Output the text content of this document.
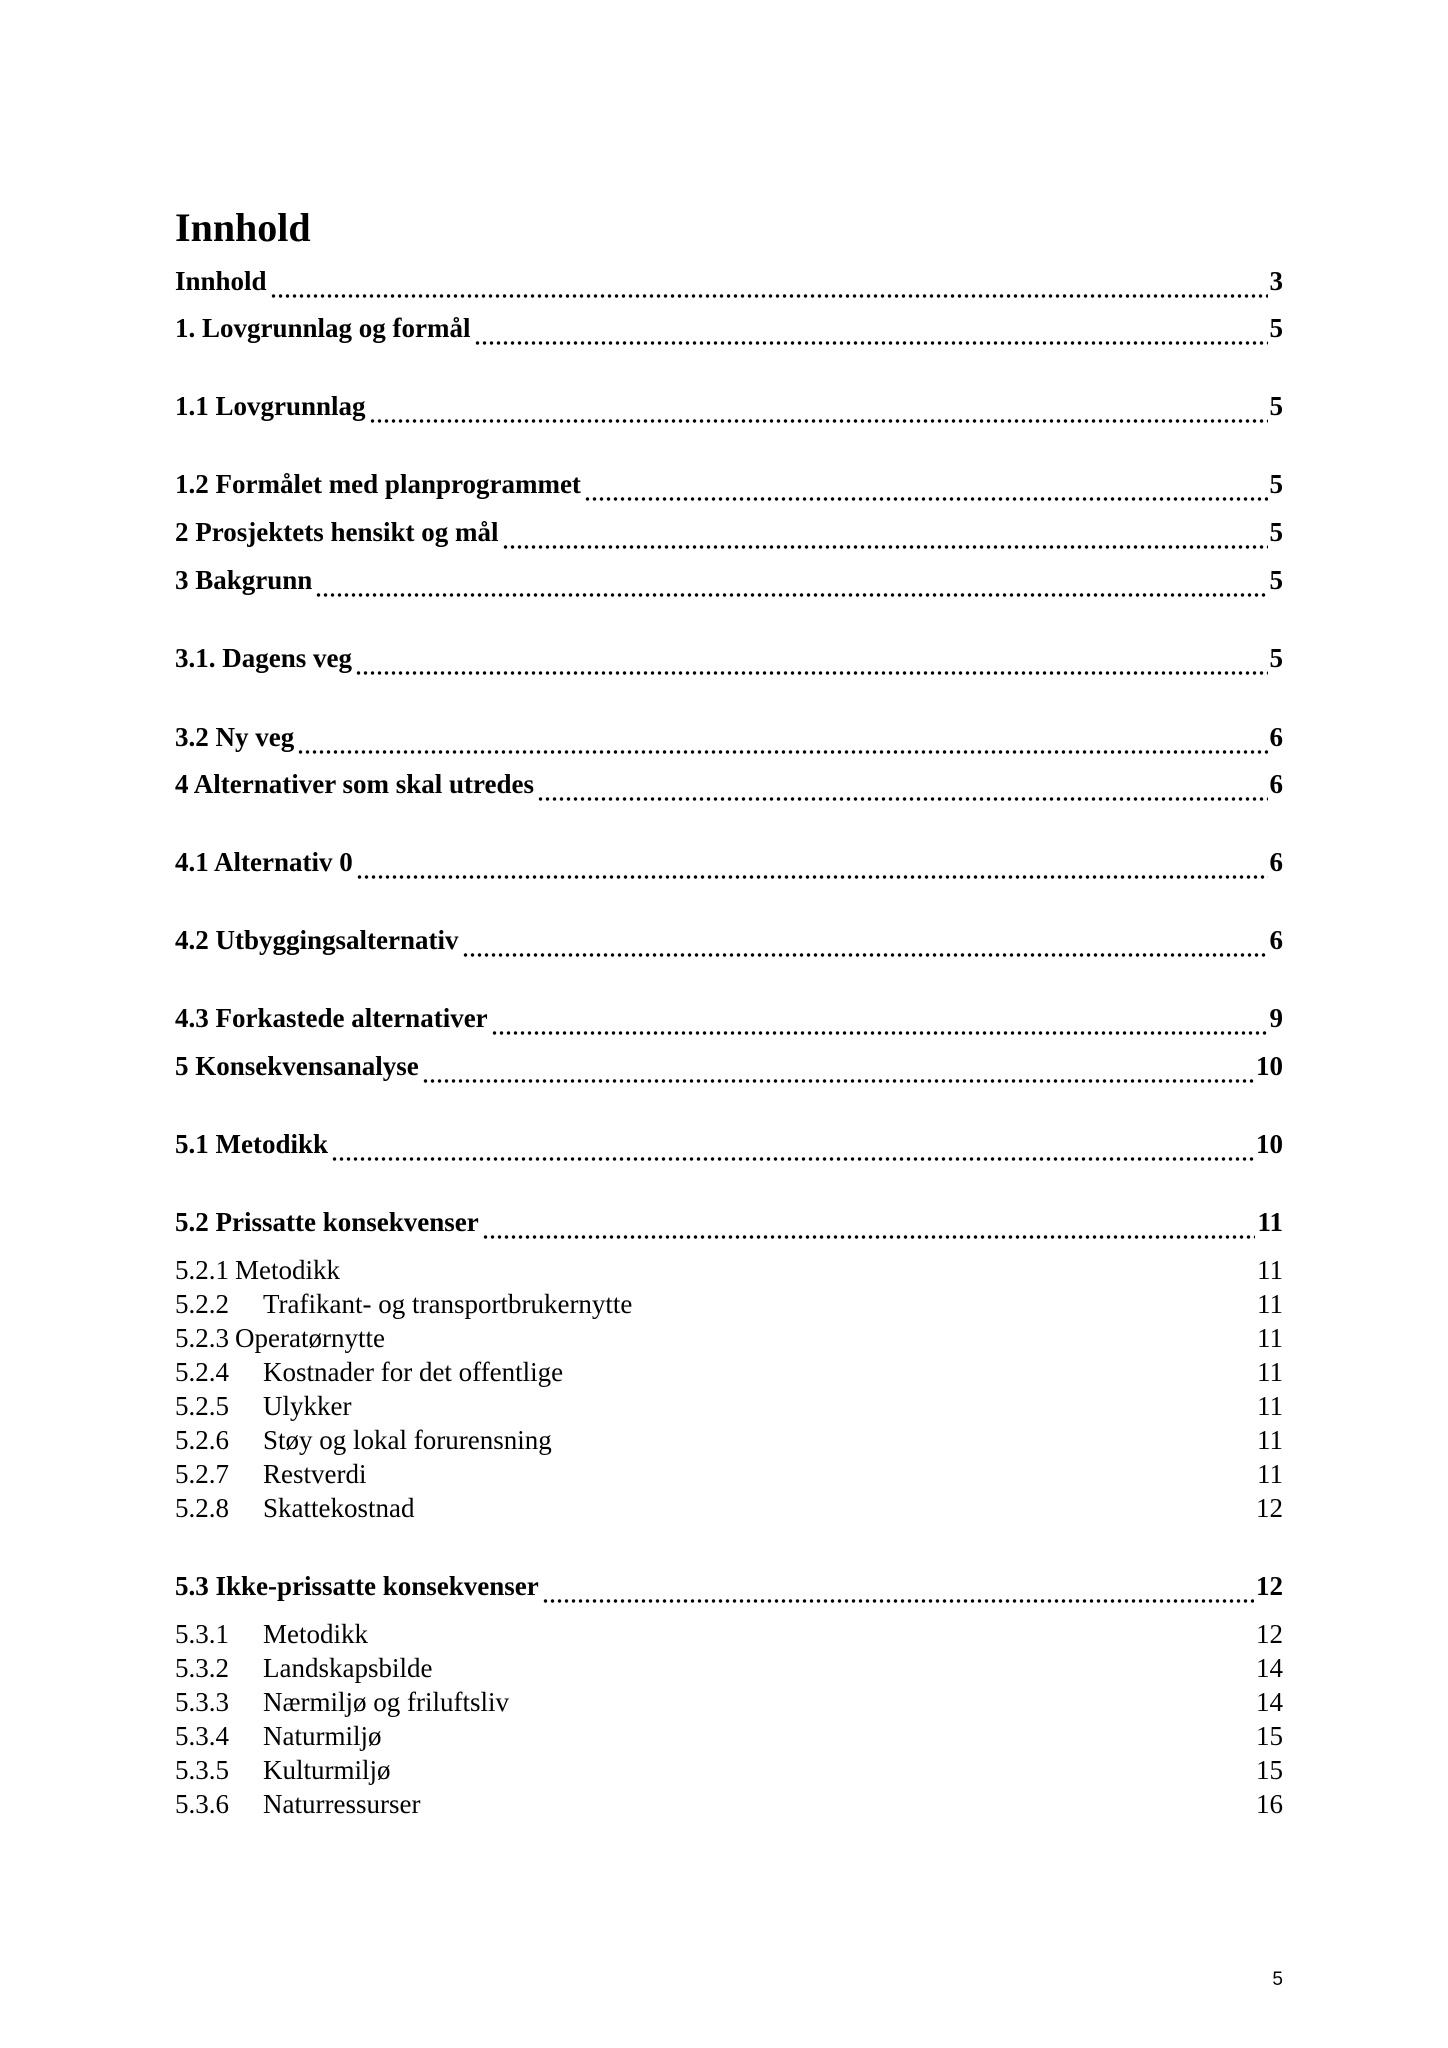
Innhold
Innhold	3
1. Lovgrunnlag og formål	5
1.1 Lovgrunnlag	5
1.2 Formålet med planprogrammet	5
2 Prosjektets hensikt og mål	5
3 Bakgrunn	5
3.1. Dagens veg	5
3.2 Ny veg	6
4 Alternativer som skal utredes	6
4.1 Alternativ 0	6
4.2 Utbyggingsalternativ	6
4.3 Forkastede alternativer	9
5 Konsekvensanalyse	10
5.1 Metodikk	10
5.2 Prissatte konsekvenser	11
5.2.1 Metodikk	11
5.2.2 Trafikant- og transportbrukernytte	11
5.2.3 Operatørnytte	11
5.2.4 Kostnader for det offentlige	11
5.2.5 Ulykker	11
5.2.6 Støy og lokal forurensning	11
5.2.7 Restverdi	11
5.2.8 Skattekostnad	12
5.3 Ikke-prissatte konsekvenser	12
5.3.1 Metodikk	12
5.3.2 Landskapsbilde	14
5.3.3 Nærmiljø og friluftsliv	14
5.3.4 Naturmiljø	15
5.3.5 Kulturmiljø	15
5.3.6 Naturressurser	16
5
